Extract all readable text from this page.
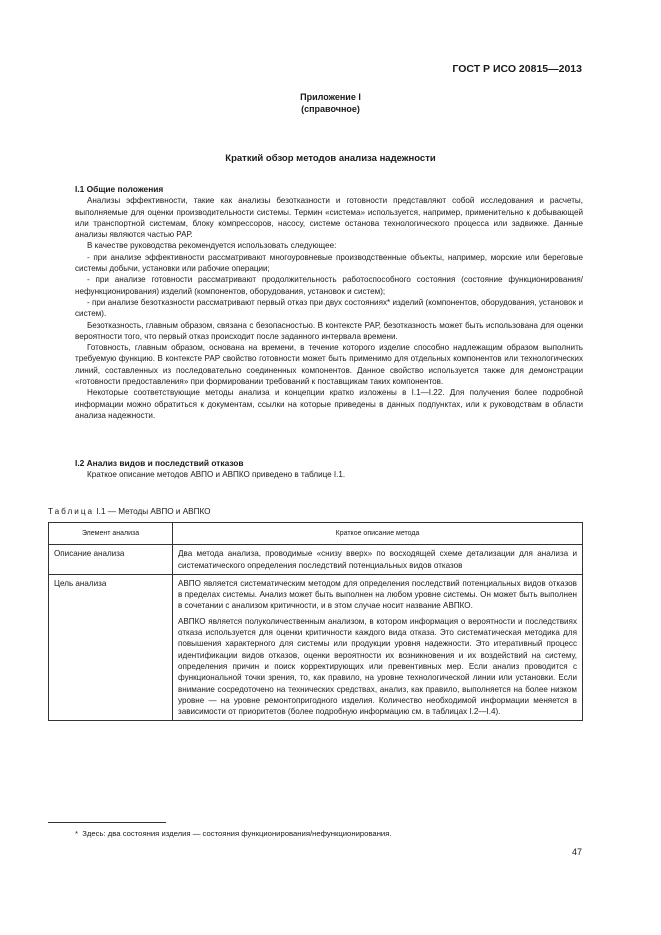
ГОСТ Р ИСО 20815—2013
Приложение I
(справочное)
Краткий обзор методов анализа надежности
I.1 Общие положения

Анализы эффективности, такие как анализы безотказности и готовности представляют собой исследования и расчеты, выполняемые для оценки производительности системы. Термин «система» используется, например, применительно к добывающей или транспортной системам, блоку компрессоров, насосу, системе останова технологического процесса или задвижке. Данные анализы являются частью РАР.

В качестве руководства рекомендуется использовать следующее:

- при анализе эффективности рассматривают многоуровневые производственные объекты, например, морские или береговые системы добычи, установки или рабочие операции;

- при анализе готовности рассматривают продолжительность работоспособного состояния (состояние функционирования/нефункционирования) изделий (компонентов, оборудования, установок и систем);

- при анализе безотказности рассматривают первый отказ при двух состояниях* изделий (компонентов, оборудования, установок и систем).

Безотказность, главным образом, связана с безопасностью. В контексте РАР, безотказность может быть использована для оценки вероятности того, что первый отказ происходит после заданного интервала времени.

Готовность, главным образом, основана на времени, в течение которого изделие способно надлежащим образом выполнить требуемую функцию. В контексте РАР свойство готовности может быть применимо для отдельных компонентов или технологических линий, составленных из последовательно соединенных компонентов. Данное свойство используется также для демонстрации «готовности предоставления» при формировании требований к поставщикам таких компонентов.

Некоторые соответствующие методы анализа и концепции кратко изложены в I.1—I.22. Для получения более подробной информации можно обратиться к документам, ссылки на которые приведены в данных подпунктах, или к руководствам в области анализа надежности.

I.2 Анализ видов и последствий отказов

Краткое описание методов АВПО и АВПКО приведено в таблице I.1.

Таблица I.1 — Методы АВПО и АВПКО
Элемент анализа	Краткое описание метода
Описание анализа	Два метода анализа, проводимые «снизу вверх» по восходящей схеме детализации для анализа и систематического определения последствий потенциальных видов отказов

Цель анализа	АВПО является систематическим методом для определения последствий потенциальных видов отказов в пределах системы. Анализ может быть выполнен на любом уровне системы. Он может быть выполнен в сочетании с анализом критичности, и в этом случае носит название АВПКО.

АВПКО является полуколичественным анализом, в котором информация о вероятности и последствиях отказа используется для оценки критичности каждого вида отказа. Это систематическая методика для повышения характерного для системы или продукции уровня надежности. Это итеративный процесс идентификации видов отказов, оценки вероятности их возникновения и их воздействий на систему, определения причин и поиск корректирующих или превентивных мер. Если анализ проводится с функциональной точки зрения, то, как правило, на уровне технологической линии или установки. Если внимание сосредоточено на технических средствах, анализ, как правило, выполняется на более низком уровне — на уровне ремонтопригодного изделия. Количество необходимой информации меняется в зависимости от приоритетов (более подробную информацию см. в таблицах I.2—I.4).

* Здесь: два состояния изделия — состояния функционирования/нефункционирования.
47
